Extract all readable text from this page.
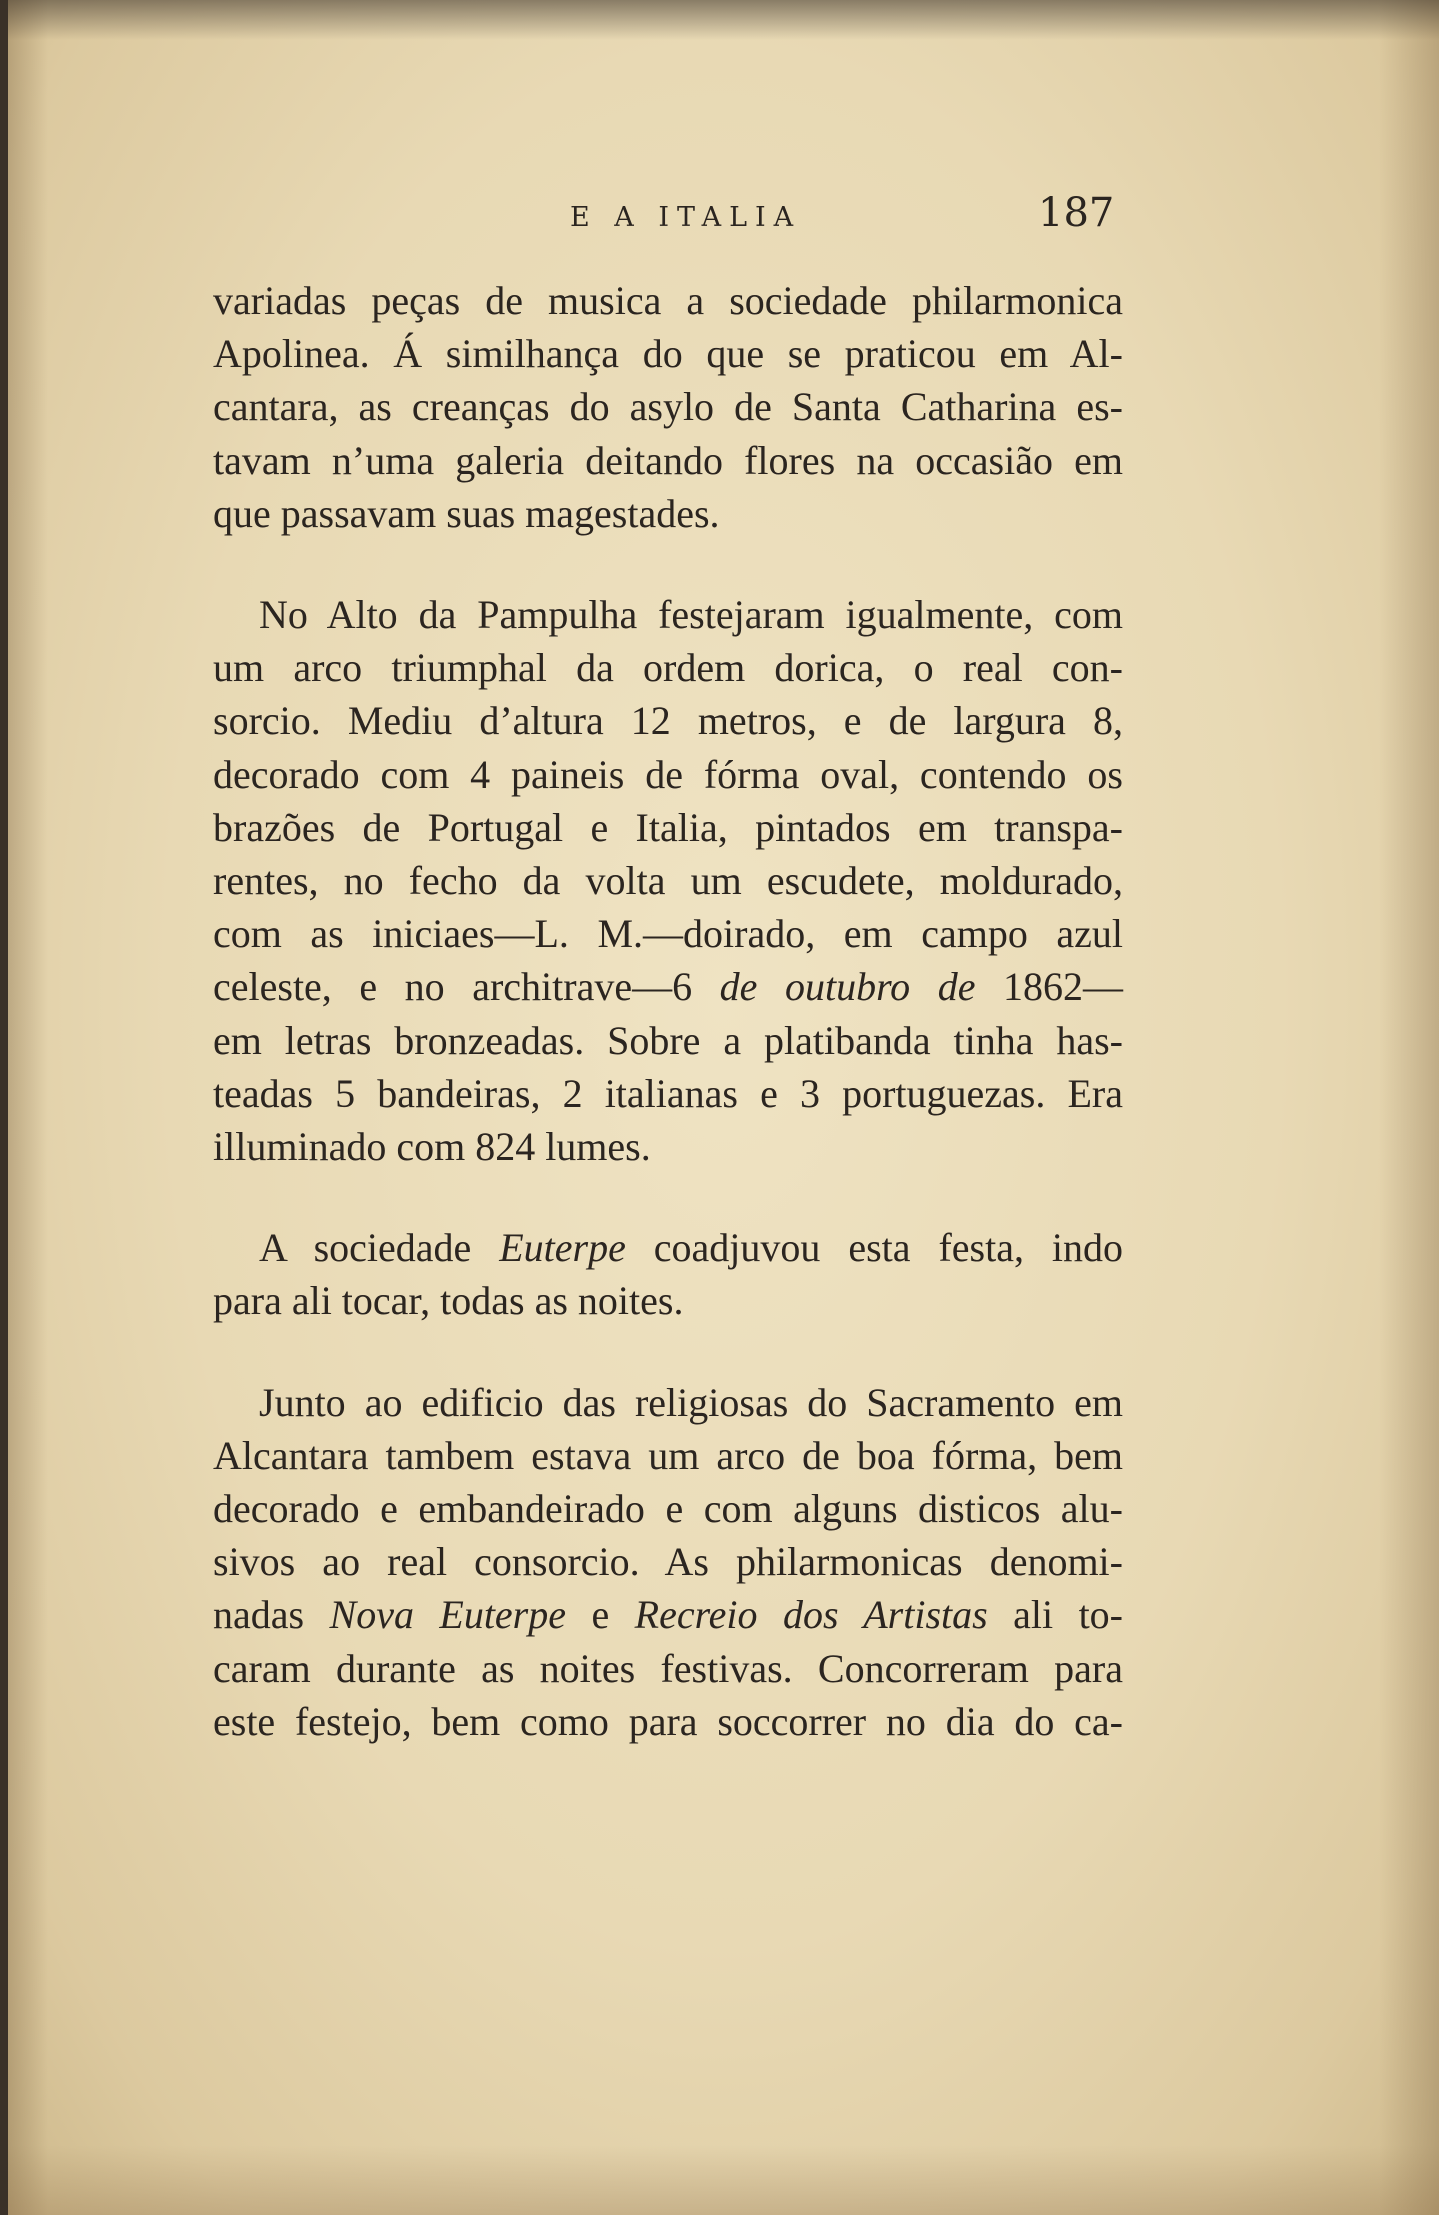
E A ITALIA	187

variadas peças de musica a sociedade philarmonica
Apolinea. Á similhança do que se praticou em Al-
cantara, as creanças do asylo de Santa Catharina es-
tavam n’uma galeria deitando flores na occasião em
que passavam suas magestades.

No Alto da Pampulha festejaram igualmente, com
um arco triumphal da ordem dorica, o real con-
sorcio. Mediu d’altura 12 metros, e de largura 8,
decorado com 4 paineis de fórma oval, contendo os
brazões de Portugal e Italia, pintados em transpa-
rentes, no fecho da volta um escudete, moldurado,
com as iniciaes—L. M.—doirado, em campo azul
celeste, e no architrave—6 de outubro de 1862—
em letras bronzeadas. Sobre a platibanda tinha has-
teadas 5 bandeiras, 2 italianas e 3 portuguezas. Era
illuminado com 824 lumes.

A sociedade Euterpe coadjuvou esta festa, indo
para ali tocar, todas as noites.

Junto ao edificio das religiosas do Sacramento em
Alcantara tambem estava um arco de boa fórma, bem
decorado e embandeirado e com alguns disticos alu-
sivos ao real consorcio. As philarmonicas denomi-
nadas Nova Euterpe e Recreio dos Artistas ali to-
caram durante as noites festivas. Concorreram para
este festejo, bem como para soccorrer no dia do ca-
